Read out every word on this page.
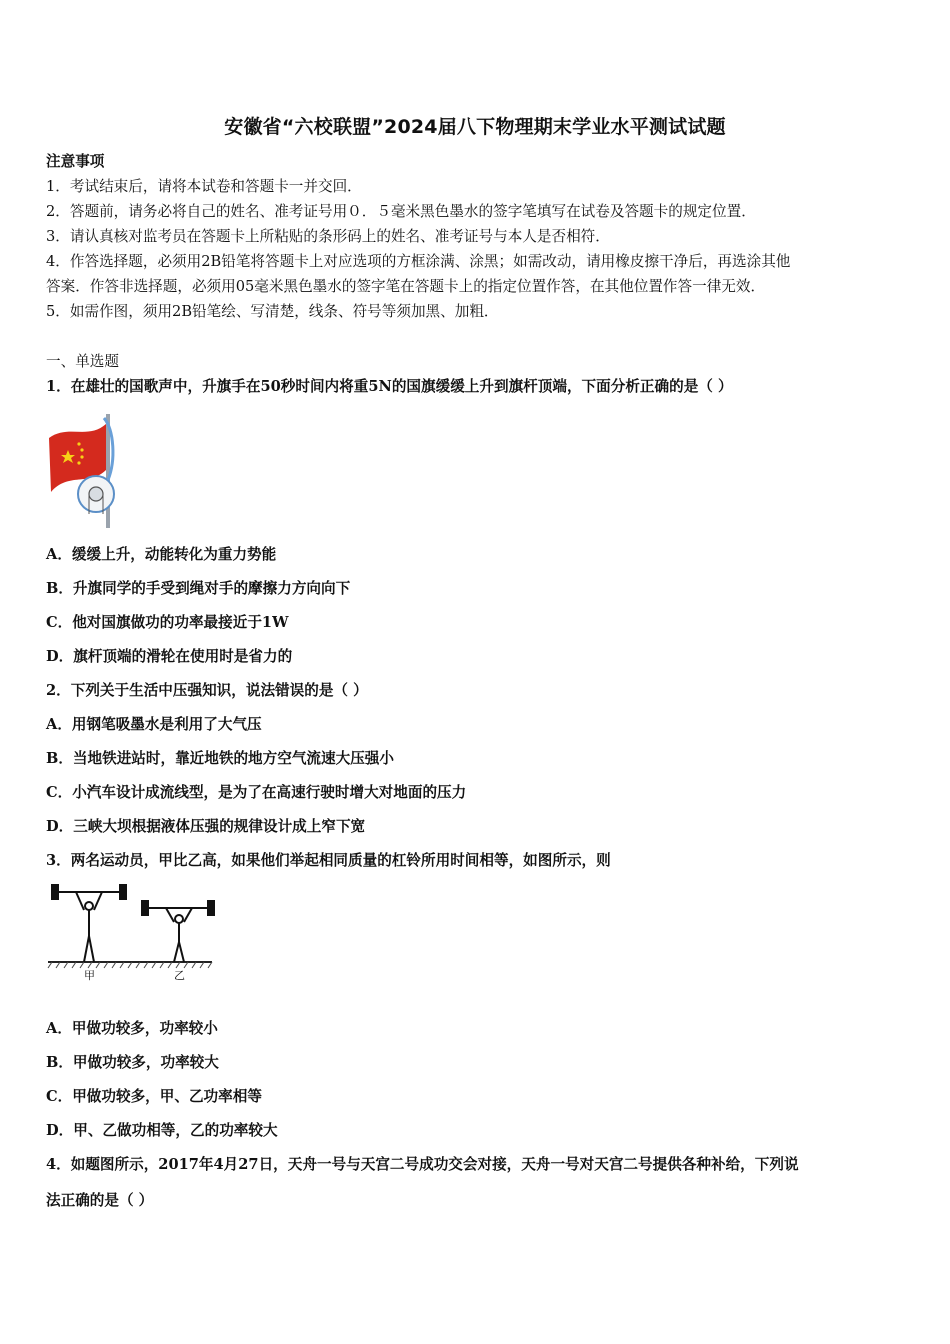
安徽省“六校联盟”2024届八下物理期末学业水平测试试题
注意事项
1．考试结束后，请将本试卷和答题卡一并交回．
2．答题前，请务必将自己的姓名、准考证号用０．５毫米黑色墨水的签字笔填写在试卷及答题卡的规定位置．
3．请认真核对监考员在答题卡上所粘贴的条形码上的姓名、准考证号与本人是否相符．
4．作答选择题，必须用2B铅笔将答题卡上对应选项的方框涂满、涂黑；如需改动，请用橡皮擦干净后，再选涂其他
答案．作答非选择题，必须用05毫米黑色墨水的签字笔在答题卡上的指定位置作答，在其他位置作答一律无效．
5．如需作图，须用2B铅笔绘、写清楚，线条、符号等须加黑、加粗．
一、单选题
1．在雄壮的国歌声中，升旗手在50秒时间内将重5N的国旗缓缓上升到旗杆顶端，下面分析正确的是（ ）
A．缓缓上升，动能转化为重力势能
B．升旗同学的手受到绳对手的摩擦力方向向下
C．他对国旗做功的功率最接近于1W
D．旗杆顶端的滑轮在使用时是省力的
2．下列关于生活中压强知识，说法错误的是（ ）
A．用钢笔吸墨水是利用了大气压
B．当地铁进站时，靠近地铁的地方空气流速大压强小
C．小汽车设计成流线型，是为了在高速行驶时增大对地面的压力
D．三峡大坝根据液体压强的规律设计成上窄下宽
3．两名运动员，甲比乙高，如果他们举起相同质量的杠铃所用时间相等，如图所示，则
甲	乙
A．甲做功较多，功率较小
B．甲做功较多，功率较大
C．甲做功较多，甲、乙功率相等
D．甲、乙做功相等，乙的功率较大
4．如题图所示，2017年4月27日，天舟一号与天宫二号成功交会对接，天舟一号对天宫二号提供各种补给，下列说
法正确的是（ ）
